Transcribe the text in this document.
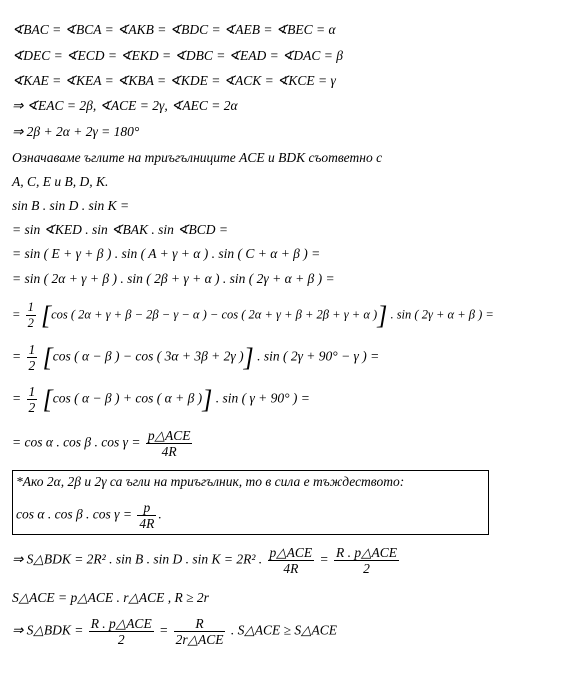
∢BAC = ∢BCA = ∢AKB = ∢BDC = ∢AEB = ∢BEC = α
∢DEC = ∢ECD = ∢EKD = ∢DBC = ∢EAD = ∢DAC = β
∢KAE = ∢KEA = ∢KBA = ∢KDE = ∢ACK = ∢KCE = γ
⇒ ∢EAC = 2β, ∢ACE = 2γ, ∢AEC = 2α
⇒ 2β + 2α + 2γ = 180°
Означаваме ъглите на триъгълниците ACE и BDK съответно с
A, C, E и B, D, K.
sin B . sin D . sin K =
= sin ∢KED . sin ∢BAK . sin ∢BCD =
= sin ( E + γ + β ) . sin ( A + γ + α ) . sin ( C + α + β ) =
= sin ( 2α + γ + β ) . sin ( 2β + γ + α ) . sin ( 2γ + α + β ) =
= $\frac{1}{2} [\cos$ ( 2α + γ + β − 2β − γ − α ) − cos ( 2α + γ + β + 2β + γ + α )] . sin ( 2γ + α + β ) =
= $\frac{1}{2} [\cos$ ( α − β ) − cos ( 3α + 3β + 2γ )] . sin ( 2γ + 90° − γ ) =
= $\frac{1}{2} [\cos$ ( α − β ) + cos ( α + β )] . sin ( γ + 90° ) =
= cos α . cos β . $\cos \gamma = \frac{\text{p△ACE}}{4R}$
*Ако 2α, 2β и 2γ са ъгли на триъгълник, то в сила е тъждеството:
cos α . cos β . $\cos \gamma = \frac{p}{4R}$ .
⇒ S△BDK = 2R² . sin B . sin D . sin K = 2R² . $\frac{\text{p△ACE}}{4R} = \frac{\text{R . p△ACE}}{2}$
S△ACE = p△ACE . r△ACE , R ≥ 2r
⇒ S△BDK = $\frac{\text{R . p△ACE}}{2} = \frac{R}{\text{2r△ACE}}$ . S△ACE ≥ S△ACE
